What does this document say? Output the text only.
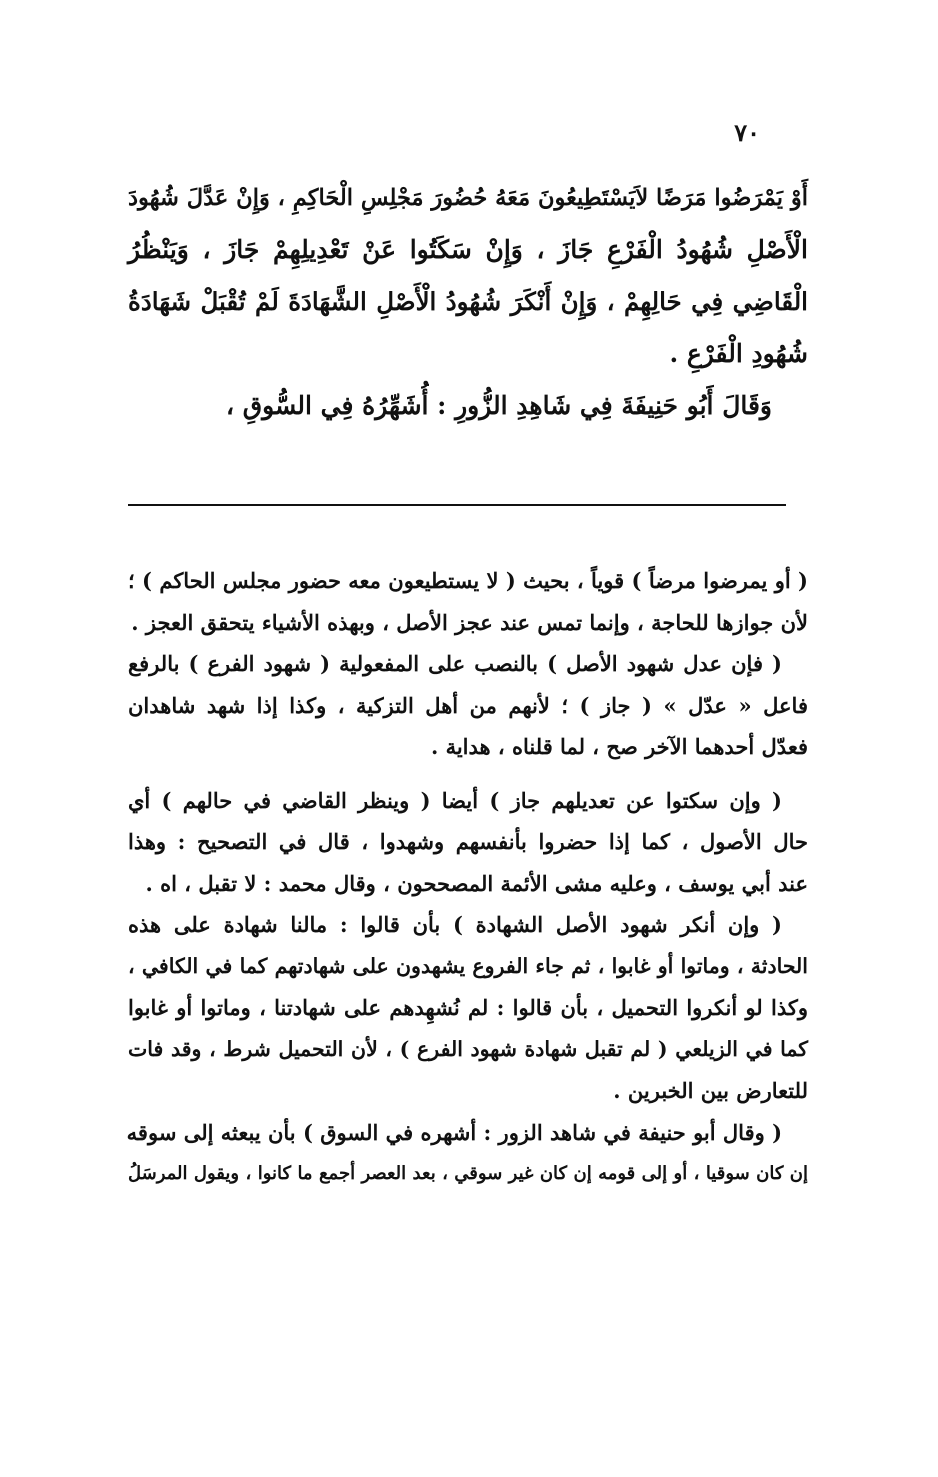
٧٠
أَوْ يَمْرَضُوا مَرَضًا لاَيَسْتَطِيعُونَ مَعَهُ حُضُورَ مَجْلِسِ الْحَاكِمِ ، وَإِنْ عَدَّلَ شُهُودَ
الْأَصْلِ شُهُودُ الْفَرْعِ جَازَ ، وَإِنْ سَكَتُوا عَنْ تَعْدِيلِهِمْ جَازَ ، وَيَنْظُرُ
الْقَاضِي فِي حَالِهِمْ ، وَإِنْ أَنْكَرَ شُهُودُ الْأَصْلِ الشَّهَادَةَ لَمْ تُقْبَلْ شَهَادَةُ
شُهُودِ الْفَرْعِ .
وَقَالَ أَبُو حَنِيفَةَ فِي شَاهِدِ الزُّورِ : أُشَهِّرُهُ فِي السُّوقِ ،
( أو يمرضوا مرضاً ) قوياً ، بحيث ( لا يستطيعون معه حضور مجلس الحاكم ) ؛
لأن جوازها للحاجة ، وإنما تمس عند عجز الأصل ، وبهذه الأشياء يتحقق العجز .
( فإن عدل شهود الأصل ) بالنصب على المفعولية ( شهود الفرع ) بالرفع
فاعل « عدّل » ( جاز ) ؛ لأنهم من أهل التزكية ، وكذا إذا شهد شاهدان
فعدّل أحدهما الآخر صح ، لما قلناه ، هداية .
( وإن سكتوا عن تعديلهم جاز ) أيضا ( وينظر القاضي في حالهم ) أي
حال الأصول ، كما إذا حضروا بأنفسهم وشهدوا ، قال في التصحيح : وهذا
عند أبي يوسف ، وعليه مشى الأئمة المصححون ، وقال محمد : لا تقبل ، اه .
( وإن أنكر شهود الأصل الشهادة ) بأن قالوا : مالنا شهادة على هذه
الحادثة ، وماتوا أو غابوا ، ثم جاء الفروع يشهدون على شهادتهم كما في الكافي ،
وكذا لو أنكروا التحميل ، بأن قالوا : لم نُشهِدهم على شهادتنا ، وماتوا أو غابوا
كما في الزيلعي ( لم تقبل شهادة شهود الفرع ) ، لأن التحميل شرط ، وقد فات
للتعارض بين الخبرين .
( وقال أبو حنيفة في شاهد الزور : أشهره في السوق ) بأن يبعثه إلى سوقه
إن كان سوقيا ، أو إلى قومه إن كان غير سوقي ، بعد العصر أجمع ما كانوا ، ويقول المرسَلُ
